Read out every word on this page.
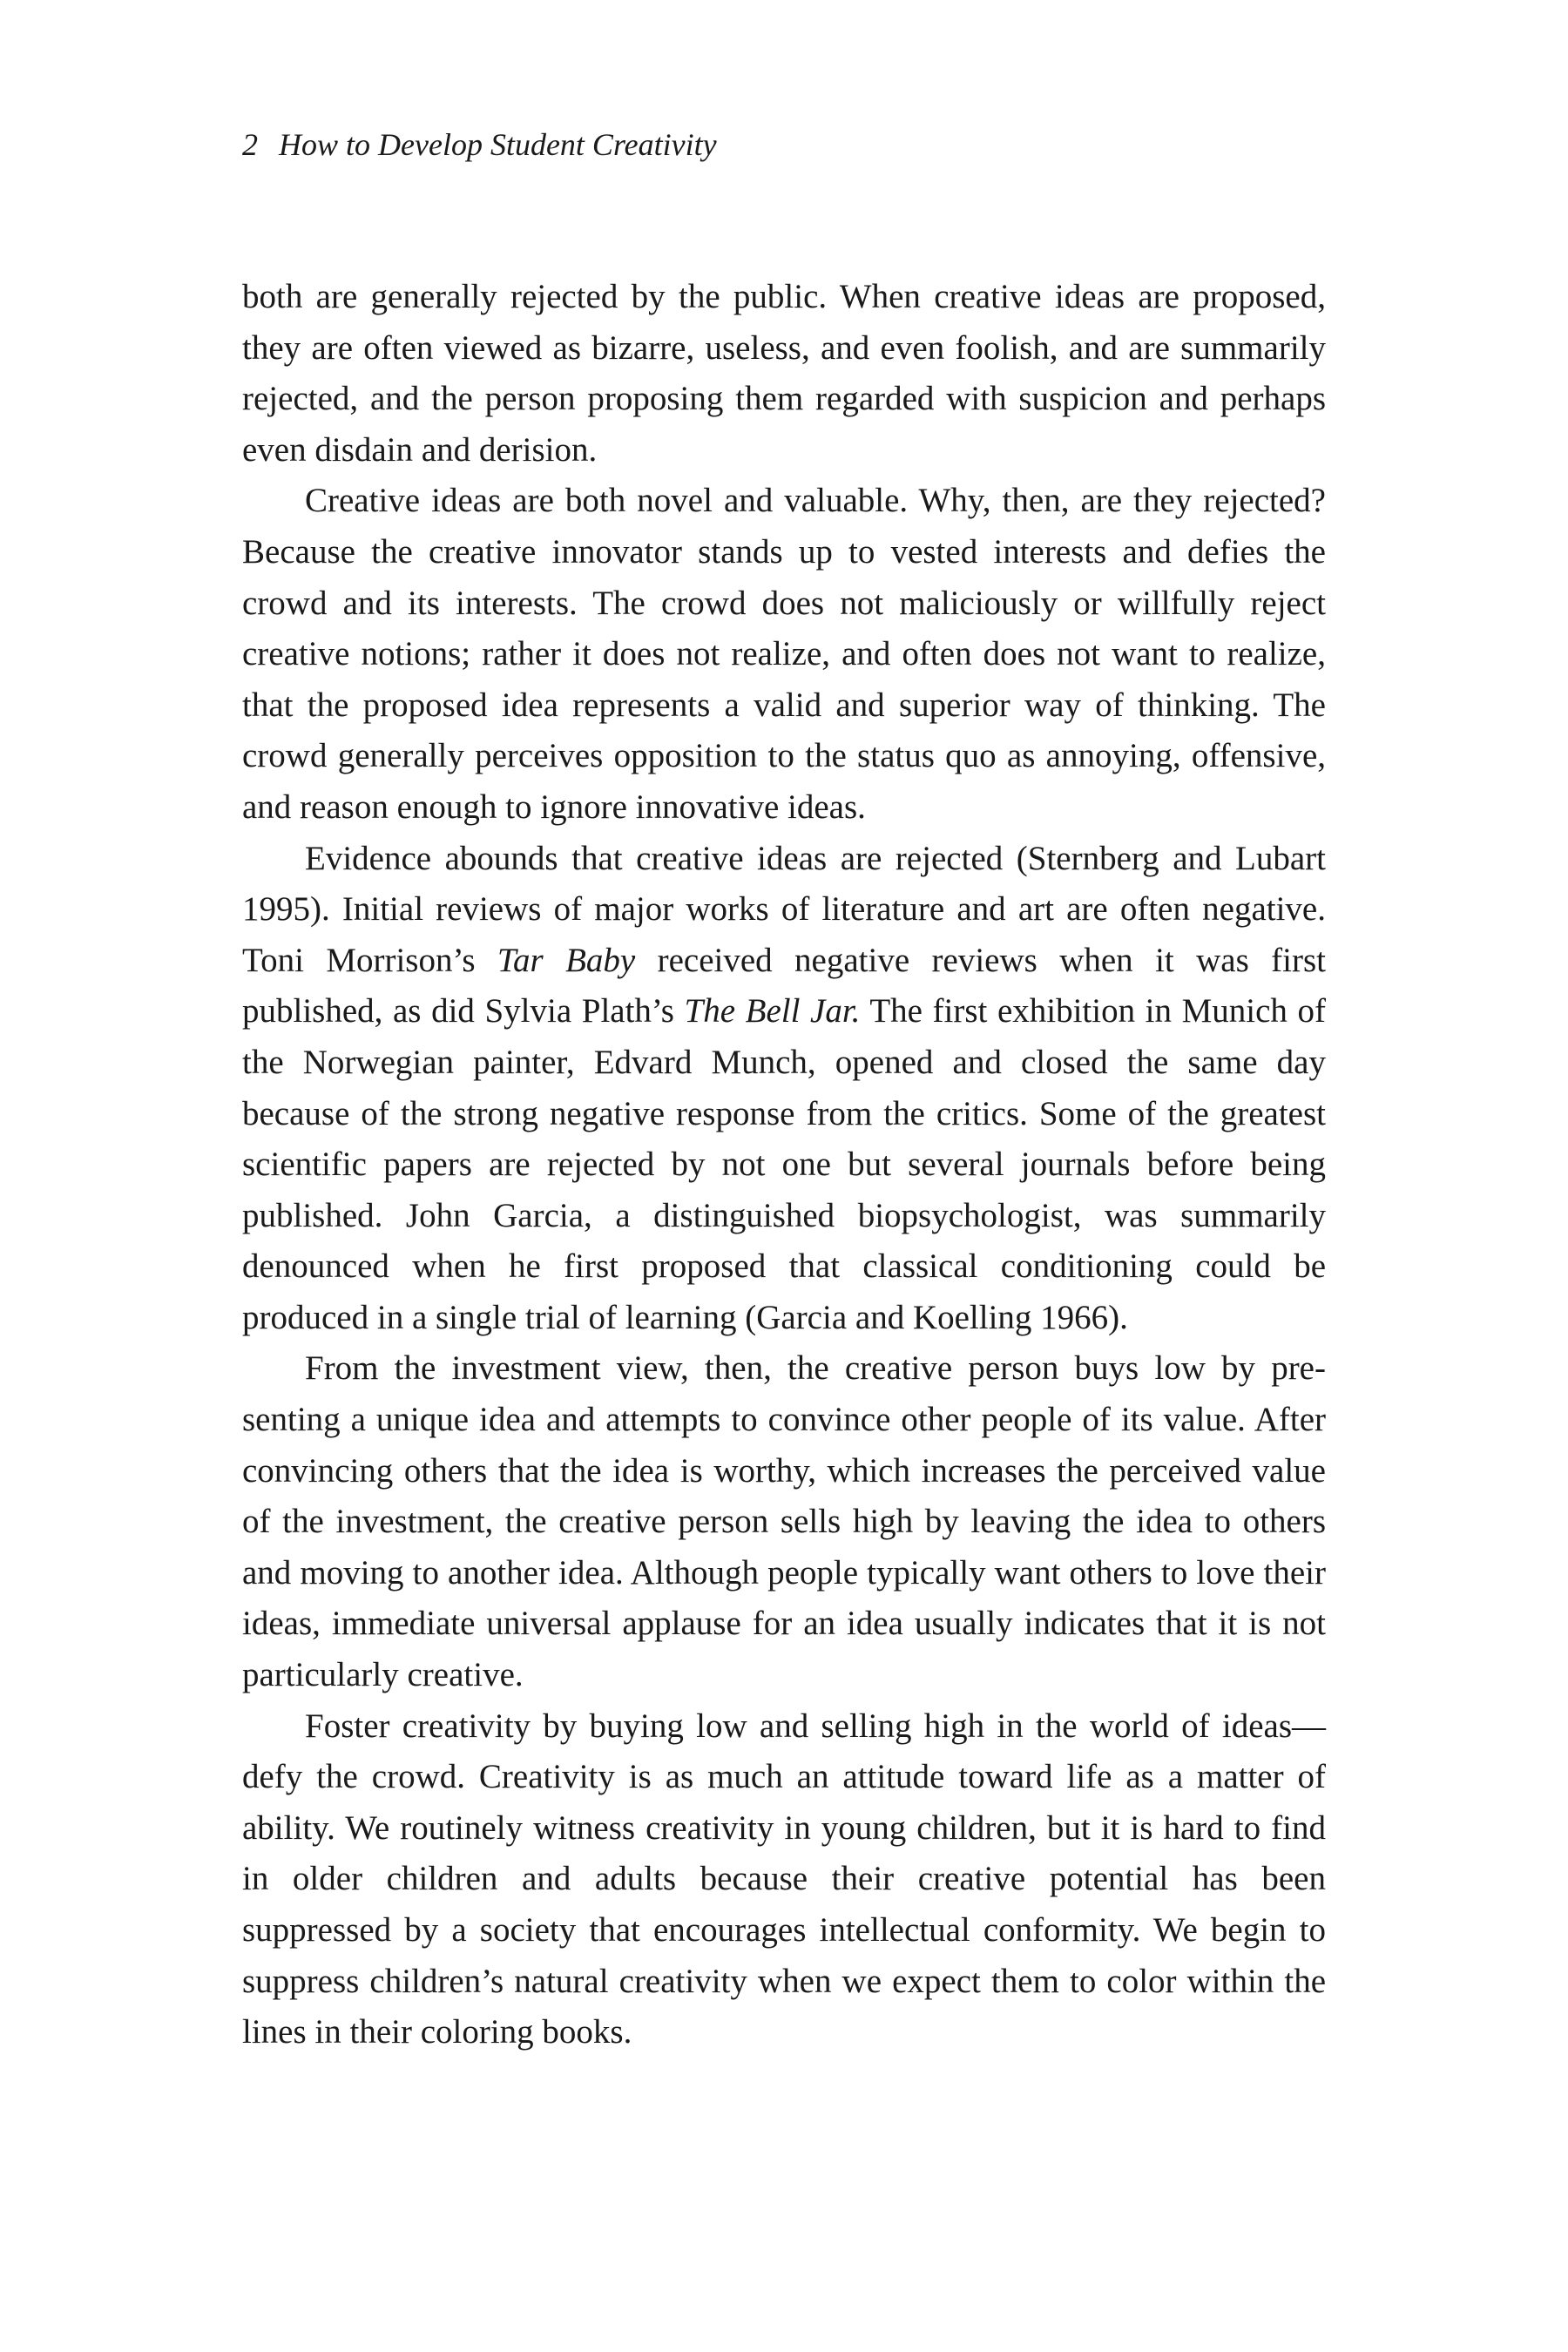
2 How to Develop Student Creativity

both are generally rejected by the public. When creative ideas are proposed, they are often viewed as bizarre, useless, and even foolish, and are summarily rejected, and the person proposing them regarded with suspicion and perhaps even disdain and derision.

Creative ideas are both novel and valuable. Why, then, are they rejected? Because the creative innovator stands up to vested interests and defies the crowd and its interests. The crowd does not maliciously or willfully reject creative notions; rather it does not realize, and often does not want to realize, that the proposed idea represents a valid and superior way of thinking. The crowd generally perceives opposition to the status quo as annoying, offensive, and reason enough to ignore innovative ideas.

Evidence abounds that creative ideas are rejected (Sternberg and Lubart 1995). Initial reviews of major works of literature and art are often negative. Toni Morrison’s Tar Baby received negative reviews when it was first published, as did Sylvia Plath’s The Bell Jar. The first exhibition in Munich of the Norwegian painter, Edvard Munch, opened and closed the same day because of the strong negative response from the critics. Some of the greatest scientific papers are rejected by not one but several journals before being published. John Garcia, a distinguished biopsychologist, was summarily denounced when he first proposed that classical conditioning could be produced in a single trial of learning (Garcia and Koelling 1966).

From the investment view, then, the creative person buys low by presenting a unique idea and attempts to convince other people of its value. After convincing others that the idea is worthy, which increases the perceived value of the investment, the creative person sells high by leaving the idea to others and moving to another idea. Although people typically want others to love their ideas, immediate universal applause for an idea usually indicates that it is not particularly creative.

Foster creativity by buying low and selling high in the world of ideas—defy the crowd. Creativity is as much an attitude toward life as a matter of ability. We routinely witness creativity in young children, but it is hard to find in older children and adults because their creative potential has been suppressed by a society that encourages intellectual conformity. We begin to suppress children’s natural creativity when we expect them to color within the lines in their coloring books.
